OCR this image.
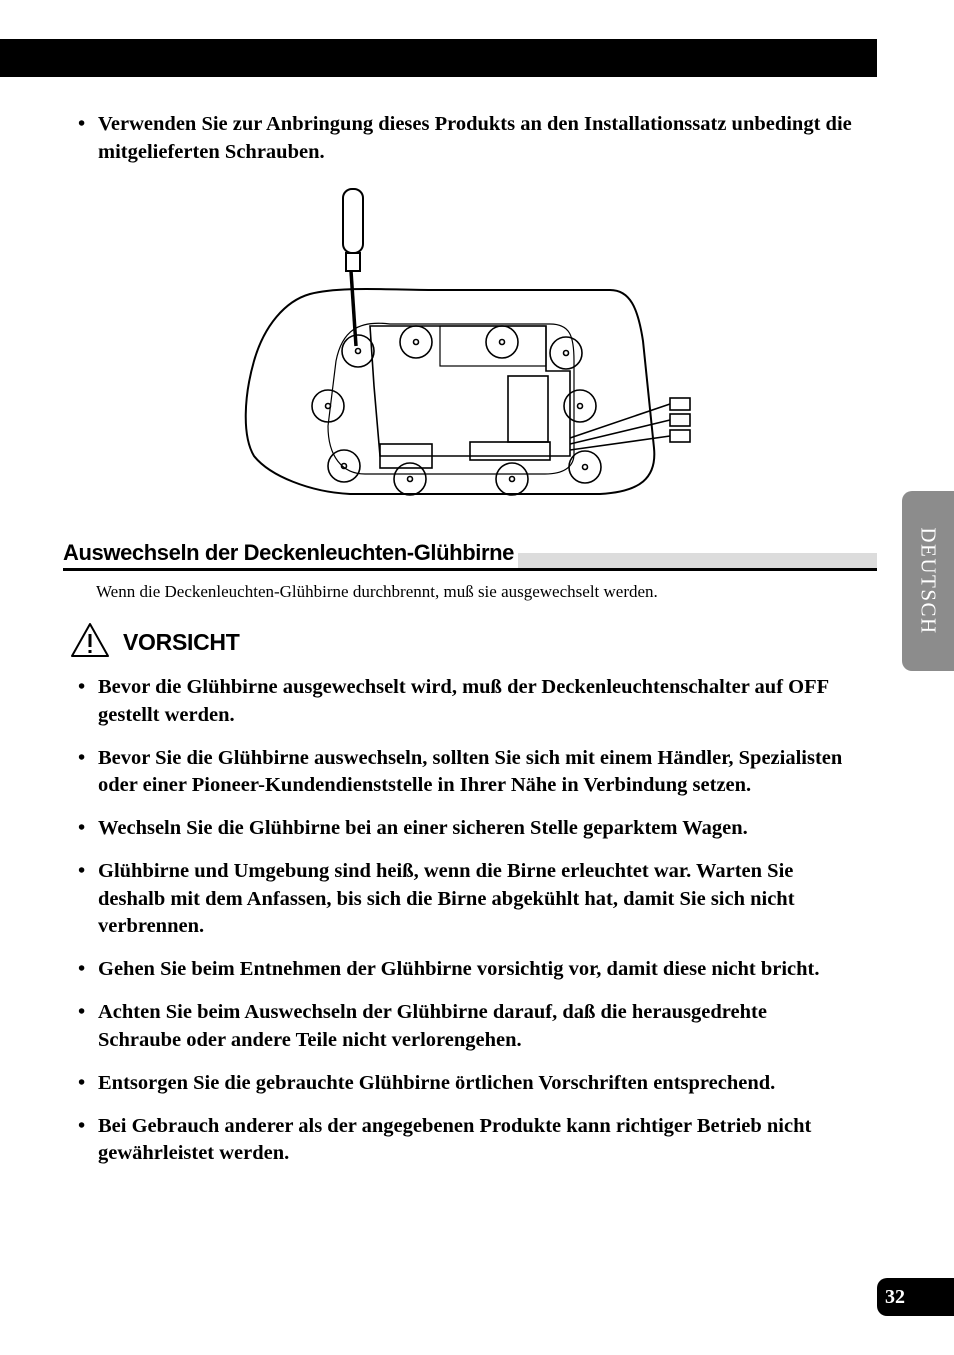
• Verwenden Sie zur Anbringung dieses Produkts an den Installationssatz unbedingt die mitgelieferten Schrauben.
Auswechseln der Deckenleuchten-Glühbirne

Wenn die Deckenleuchten-Glühbirne durchbrennt, muß sie ausgewechselt werden.

VORSICHT
• Bevor die Glühbirne ausgewechselt wird, muß der Deckenleuchtenschalter auf OFF gestellt werden.
• Bevor Sie die Glühbirne auswechseln, sollten Sie sich mit einem Händler, Spezialisten oder einer Pioneer-Kundendienststelle in Ihrer Nähe in Verbindung setzen.
• Wechseln Sie die Glühbirne bei an einer sicheren Stelle geparktem Wagen.
• Glühbirne und Umgebung sind heiß, wenn die Birne erleuchtet war. Warten Sie deshalb mit dem Anfassen, bis sich die Birne abgekühlt hat, damit Sie sich nicht verbrennen.
• Gehen Sie beim Entnehmen der Glühbirne vorsichtig vor, damit diese nicht bricht.
• Achten Sie beim Auswechseln der Glühbirne darauf, daß die herausgedrehte Schraube oder andere Teile nicht verlorengehen.
• Entsorgen Sie die gebrauchte Glühbirne örtlichen Vorschriften entsprechend.
• Bei Gebrauch anderer als der angegebenen Produkte kann richtiger Betrieb nicht gewährleistet werden.
DEUTSCH
32
